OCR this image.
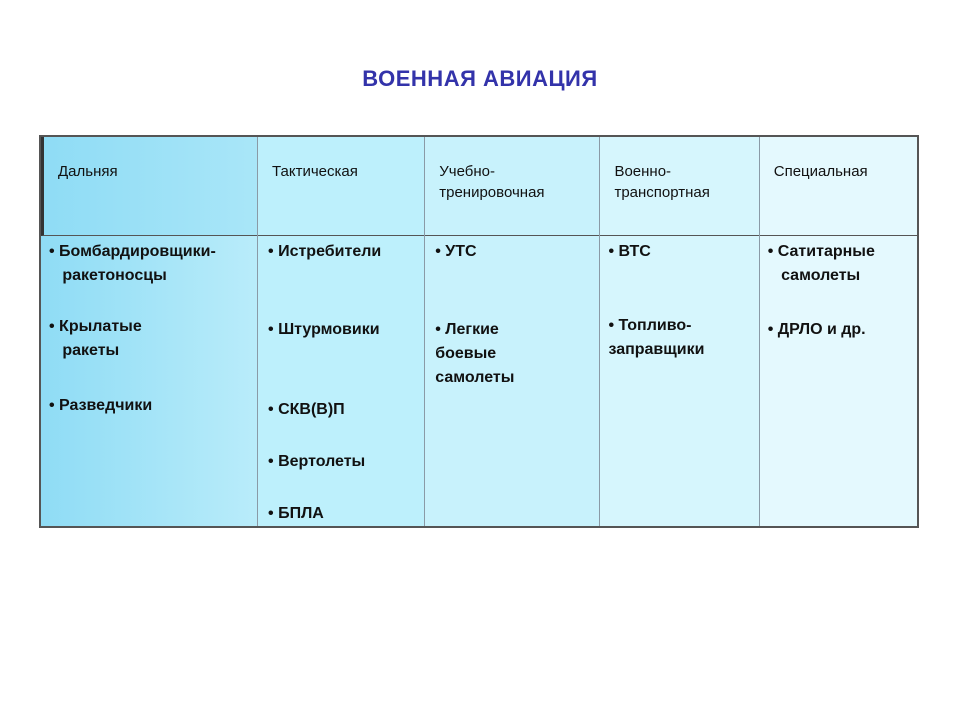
ВОЕННАЯ АВИАЦИЯ
Дальняя
• Бомбардировщики-
ракетоносцы
• Крылатые
ракеты
• Разведчики
Тактическая
• Истребители
• Штурмовики
• СКВ(В)П
• Вертолеты
• БПЛА
Учебно-
тренировочная
• УТС
• Легкие
боевые
самолеты
Военно-
транспортная
• ВТС
• Топливо-
заправщики
Специальная
• Сатитарные
самолеты
• ДРЛО и др.
